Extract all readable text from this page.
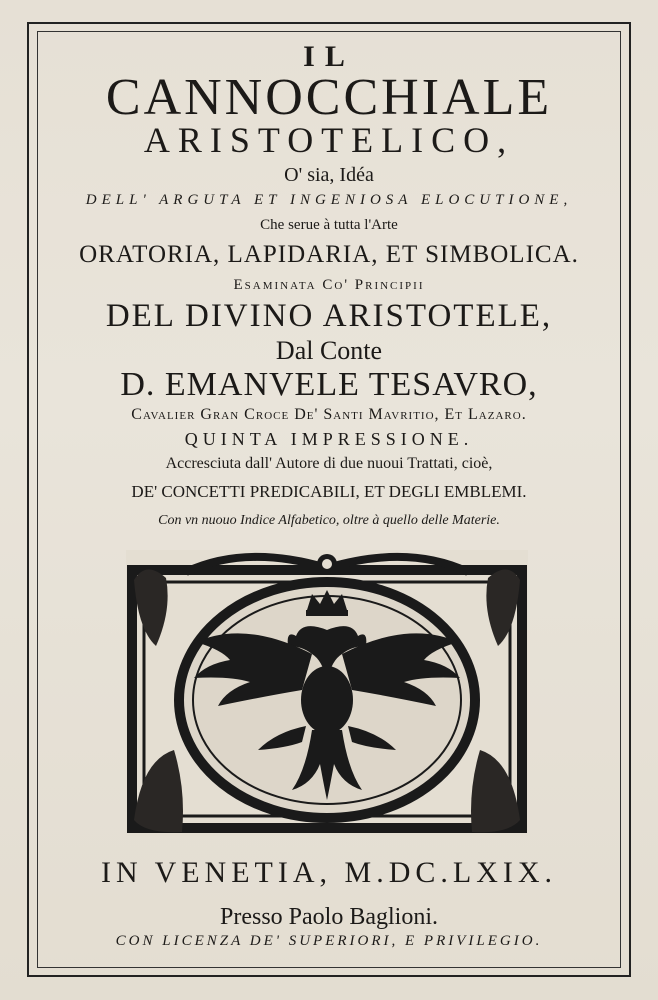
IL
CANNOCCHIALE
ARISTOTELICO,
O' sia, Idéa
DELL' ARGUTA ET INGENIOSA ELOCUTIONE,
Che serue à tutta l'Arte
ORATORIA, LAPIDARIA, ET SIMBOLICA.
Esaminata Co' Principii
DEL DIVINO ARISTOTELE,
Dal Conte
D. EMANVELE TESAVRO,
Cavalier Gran Croce De' Santi Mavritio, Et Lazaro.
QUINTA IMPRESSIONE.
Accresciuta dall' Autore di due nuoui Trattati, cioè,
DE' CONCETTI PREDICABILI, ET DEGLI EMBLEMI.
Con vn nuouo Indice Alfabetico, oltre à quello delle Materie.
IN VENETIA, M.DC.LXIX.
Presso Paolo Baglioni.
CON LICENZA DE' SUPERIORI, E PRIVILEGIO.
